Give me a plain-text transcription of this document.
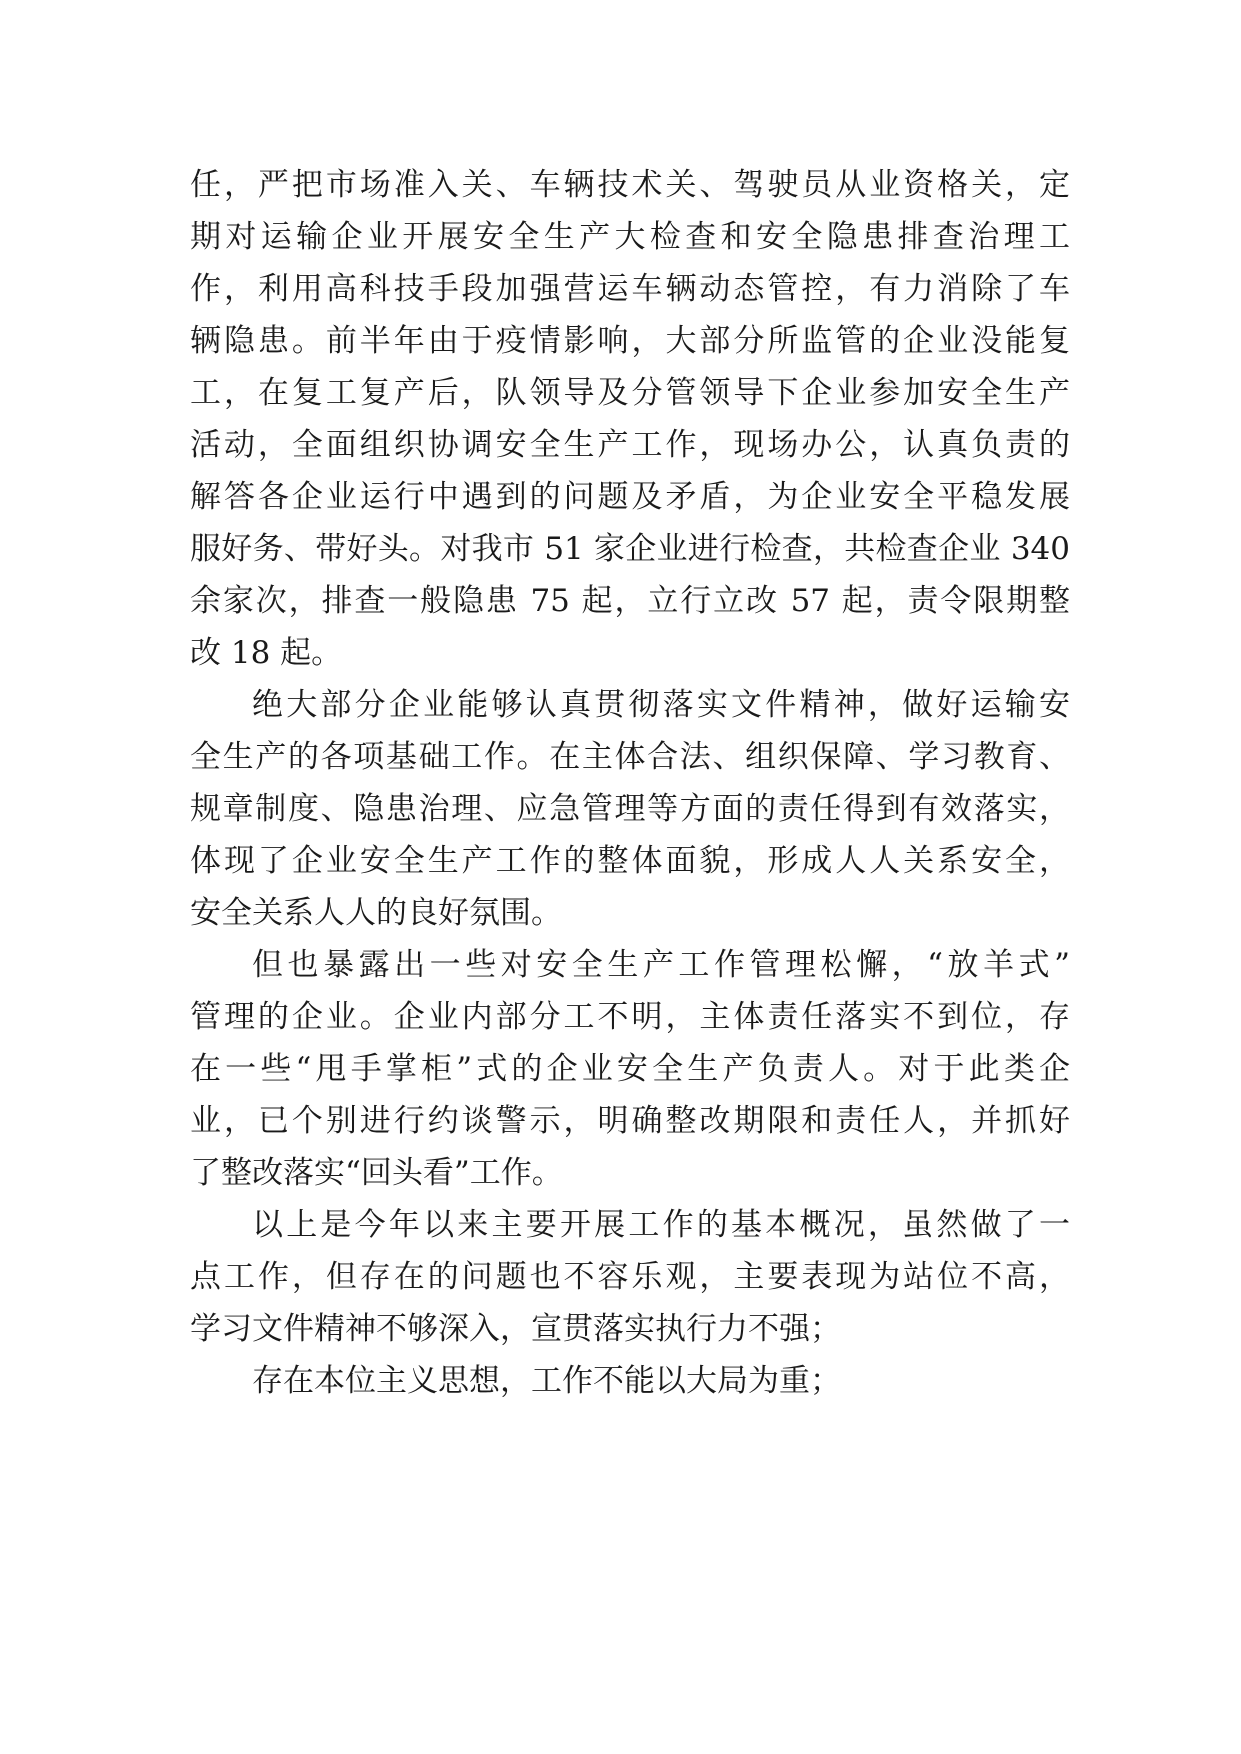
任，严把市场准入关、车辆技术关、驾驶员从业资格关，定
期对运输企业开展安全生产大检查和安全隐患排查治理工
作，利用高科技手段加强营运车辆动态管控，有力消除了车
辆隐患。前半年由于疫情影响，大部分所监管的企业没能复
工，在复工复产后，队领导及分管领导下企业参加安全生产
活动，全面组织协调安全生产工作，现场办公，认真负责的
解答各企业运行中遇到的问题及矛盾，为企业安全平稳发展
服好务、带好头。对我市 51 家企业进行检查，共检查企业 340
余家次，排查一般隐患 75 起，立行立改 57 起，责令限期整
改 18 起。
绝大部分企业能够认真贯彻落实文件精神，做好运输安
全生产的各项基础工作。在主体合法、组织保障、学习教育、
规章制度、隐患治理、应急管理等方面的责任得到有效落实，
体现了企业安全生产工作的整体面貌，形成人人关系安全，
安全关系人人的良好氛围。
但也暴露出一些对安全生产工作管理松懈，“放羊式”
管理的企业。企业内部分工不明，主体责任落实不到位，存
在一些“甩手掌柜”式的企业安全生产负责人。对于此类企
业，已个别进行约谈警示，明确整改期限和责任人，并抓好
了整改落实“回头看”工作。
以上是今年以来主要开展工作的基本概况，虽然做了一
点工作，但存在的问题也不容乐观，主要表现为站位不高，
学习文件精神不够深入，宣贯落实执行力不强；
存在本位主义思想，工作不能以大局为重；
